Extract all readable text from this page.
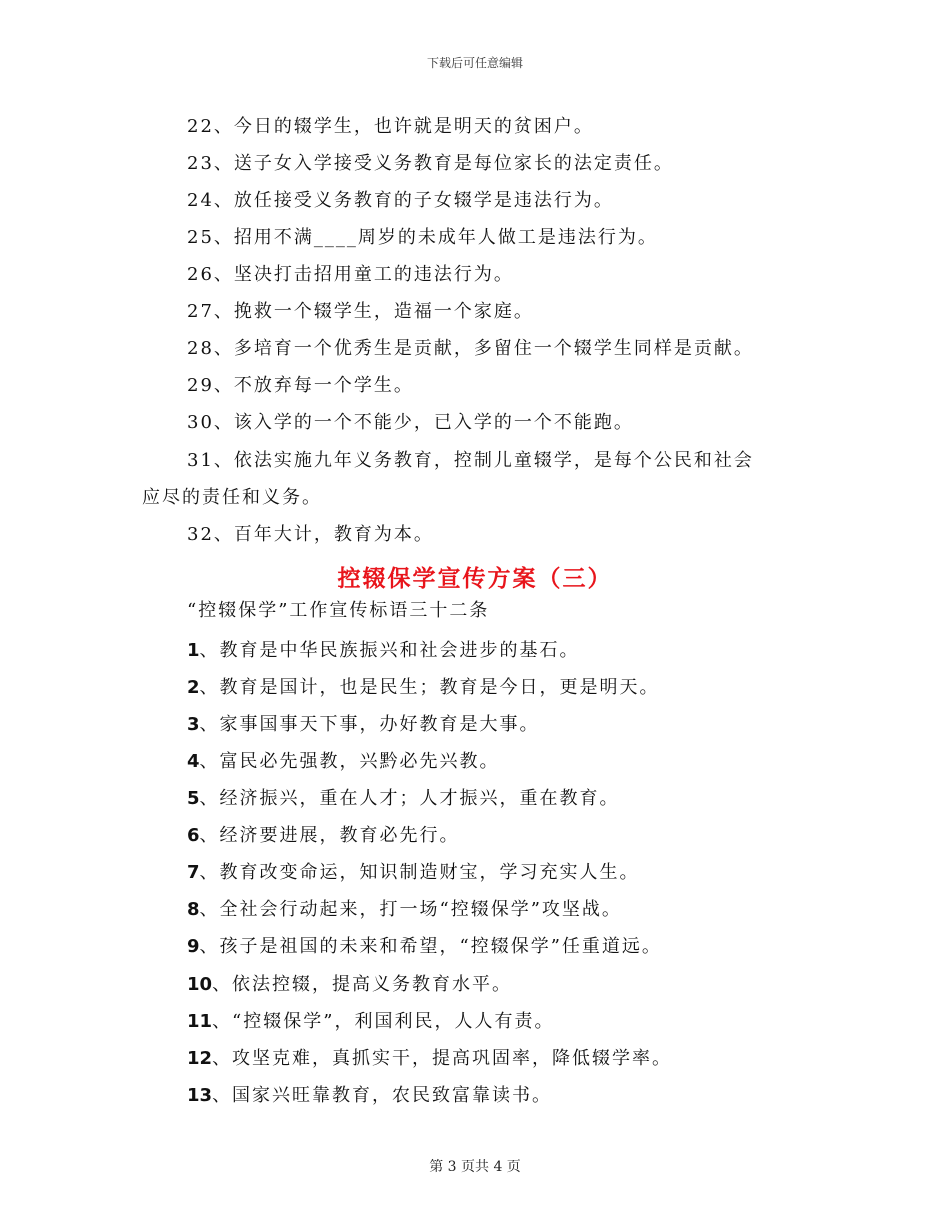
下载后可任意编辑
22、今日的辍学生，也许就是明天的贫困户。
23、送子女入学接受义务教育是每位家长的法定责任。
24、放任接受义务教育的子女辍学是违法行为。
25、招用不满____周岁的未成年人做工是违法行为。
26、坚决打击招用童工的违法行为。
27、挽救一个辍学生，造福一个家庭。
28、多培育一个优秀生是贡献，多留住一个辍学生同样是贡献。
29、不放弃每一个学生。
30、该入学的一个不能少，已入学的一个不能跑。
31、依法实施九年义务教育，控制儿童辍学，是每个公民和社会
应尽的责任和义务。
32、百年大计，教育为本。
控辍保学宣传方案（三）
“控辍保学”工作宣传标语三十二条
1、教育是中华民族振兴和社会进步的基石。
2、教育是国计，也是民生；教育是今日，更是明天。
3、家事国事天下事，办好教育是大事。
4、富民必先强教，兴黔必先兴教。
5、经济振兴，重在人才；人才振兴，重在教育。
6、经济要进展，教育必先行。
7、教育改变命运，知识制造财宝，学习充实人生。
8、全社会行动起来，打一场“控辍保学”攻坚战。
9、孩子是祖国的未来和希望，“控辍保学”任重道远。
10、依法控辍，提高义务教育水平。
11、“控辍保学”，利国利民，人人有责。
12、攻坚克难，真抓实干，提高巩固率，降低辍学率。
13、国家兴旺靠教育，农民致富靠读书。
第 3 页共 4 页
